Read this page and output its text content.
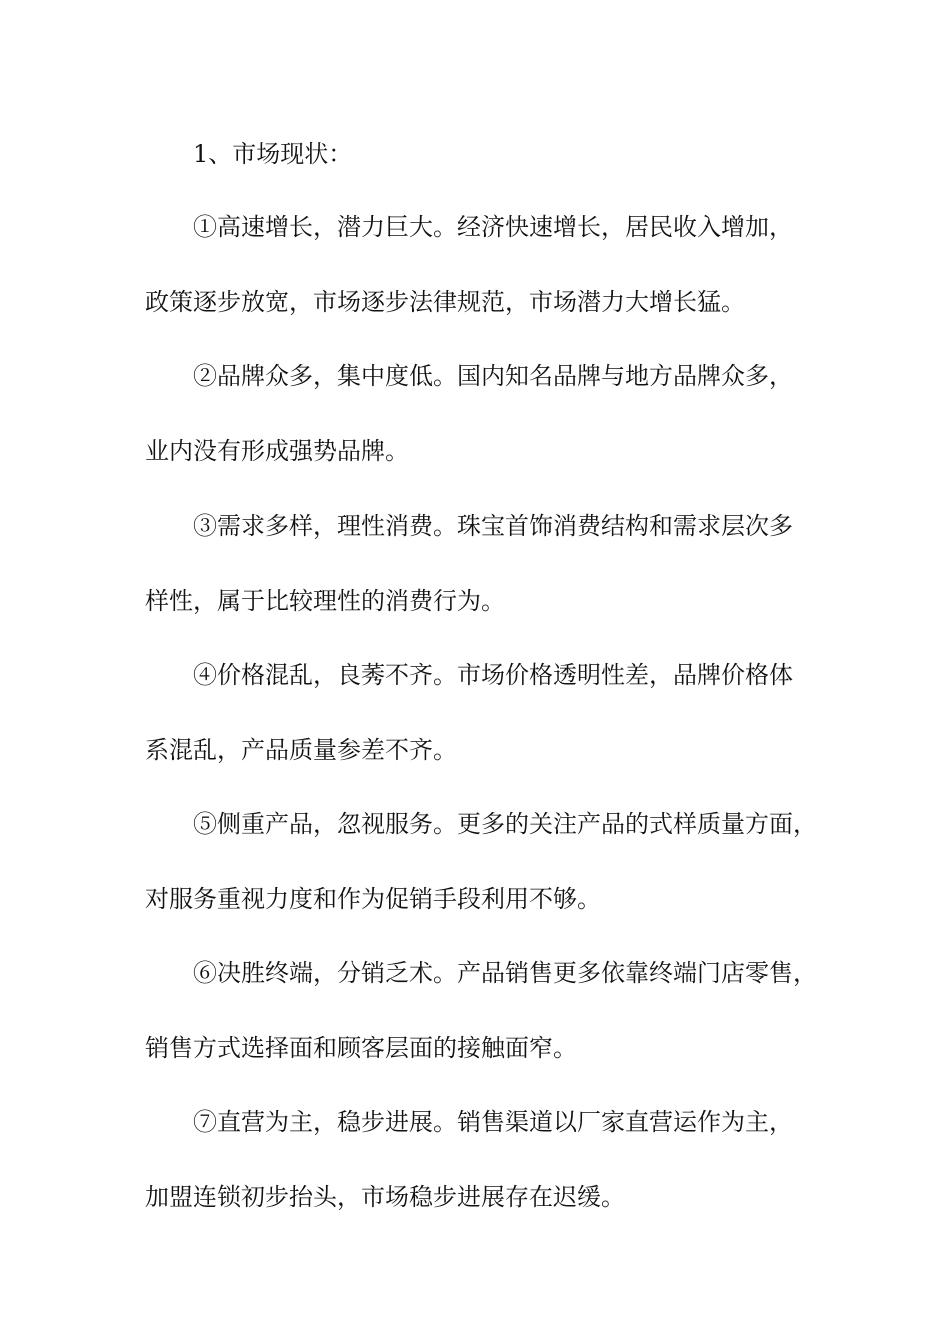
1、市场现状：
①高速增长，潜力巨大。经济快速增长，居民收入增加，
政策逐步放宽，市场逐步法律规范，市场潜力大增长猛。
②品牌众多，集中度低。国内知名品牌与地方品牌众多，
业内没有形成强势品牌。
③需求多样，理性消费。珠宝首饰消费结构和需求层次多
样性，属于比较理性的消费行为。
④价格混乱，良莠不齐。市场价格透明性差，品牌价格体
系混乱，产品质量参差不齐。
⑤侧重产品，忽视服务。更多的关注产品的式样质量方面，
对服务重视力度和作为促销手段利用不够。
⑥决胜终端，分销乏术。产品销售更多依靠终端门店零售，
销售方式选择面和顾客层面的接触面窄。
⑦直营为主，稳步进展。销售渠道以厂家直营运作为主，
加盟连锁初步抬头，市场稳步进展存在迟缓。
